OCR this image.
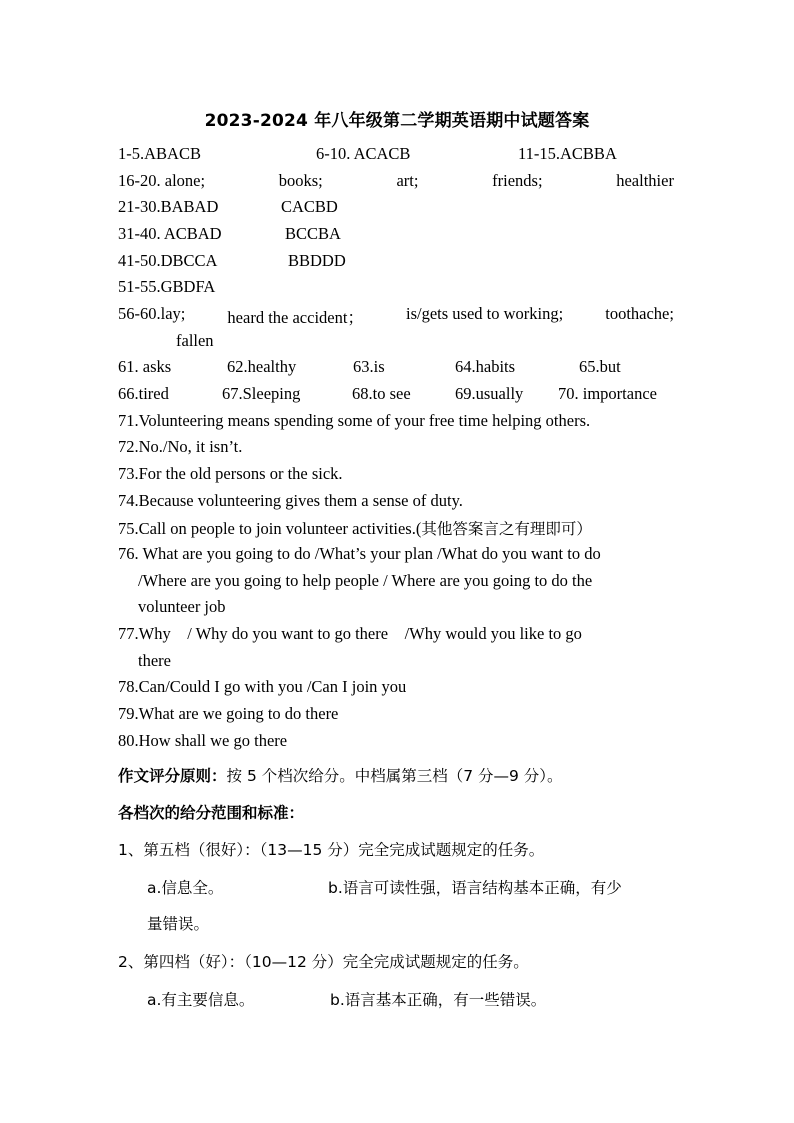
2023-2024 年八年级第二学期英语期中试题答案
1-5.ABACB	6-10. ACACB	11-15.ACBBA
16-20. alone;	books;	art;	friends;	healthier
21-30.BABAD	CACBD
31-40. ACBAD	BCCBA
41-50.DBCCA	BBDDD
51-55.GBDFA
56-60.lay;	heard the accident；	is/gets used to working;	toothache;
fallen
61. asks	62.healthy	63.is	64.habits	65.but
66.tired	67.Sleeping	68.to see	69.usually 70. importance
71.Volunteering means spending some of your free time helping others.
72.No./No, it isn’t.
73.For the old persons or the sick.
74.Because volunteering gives them a sense of duty.
75.Call on people to join volunteer activities.(其他答案言之有理即可）
76. What are you going to do /What’s your plan /What do you want to do
/Where are you going to help people / Where are you going to do the
volunteer job
77.Why    / Why do you want to go there    /Why would you like to go
there
78.Can/Could I go with you /Can I join you
79.What are we going to do there
80.How shall we go there
作文评分原则：按 5 个档次给分。中档属第三档（7 分—9 分）。
各档次的给分范围和标准：
1、第五档（很好）：（13—15 分）完全完成试题规定的任务。
a.信息全。	b.语言可读性强，语言结构基本正确，有少
量错误。
2、第四档（好）：（10—12 分）完全完成试题规定的任务。
a.有主要信息。	b.语言基本正确，有一些错误。
